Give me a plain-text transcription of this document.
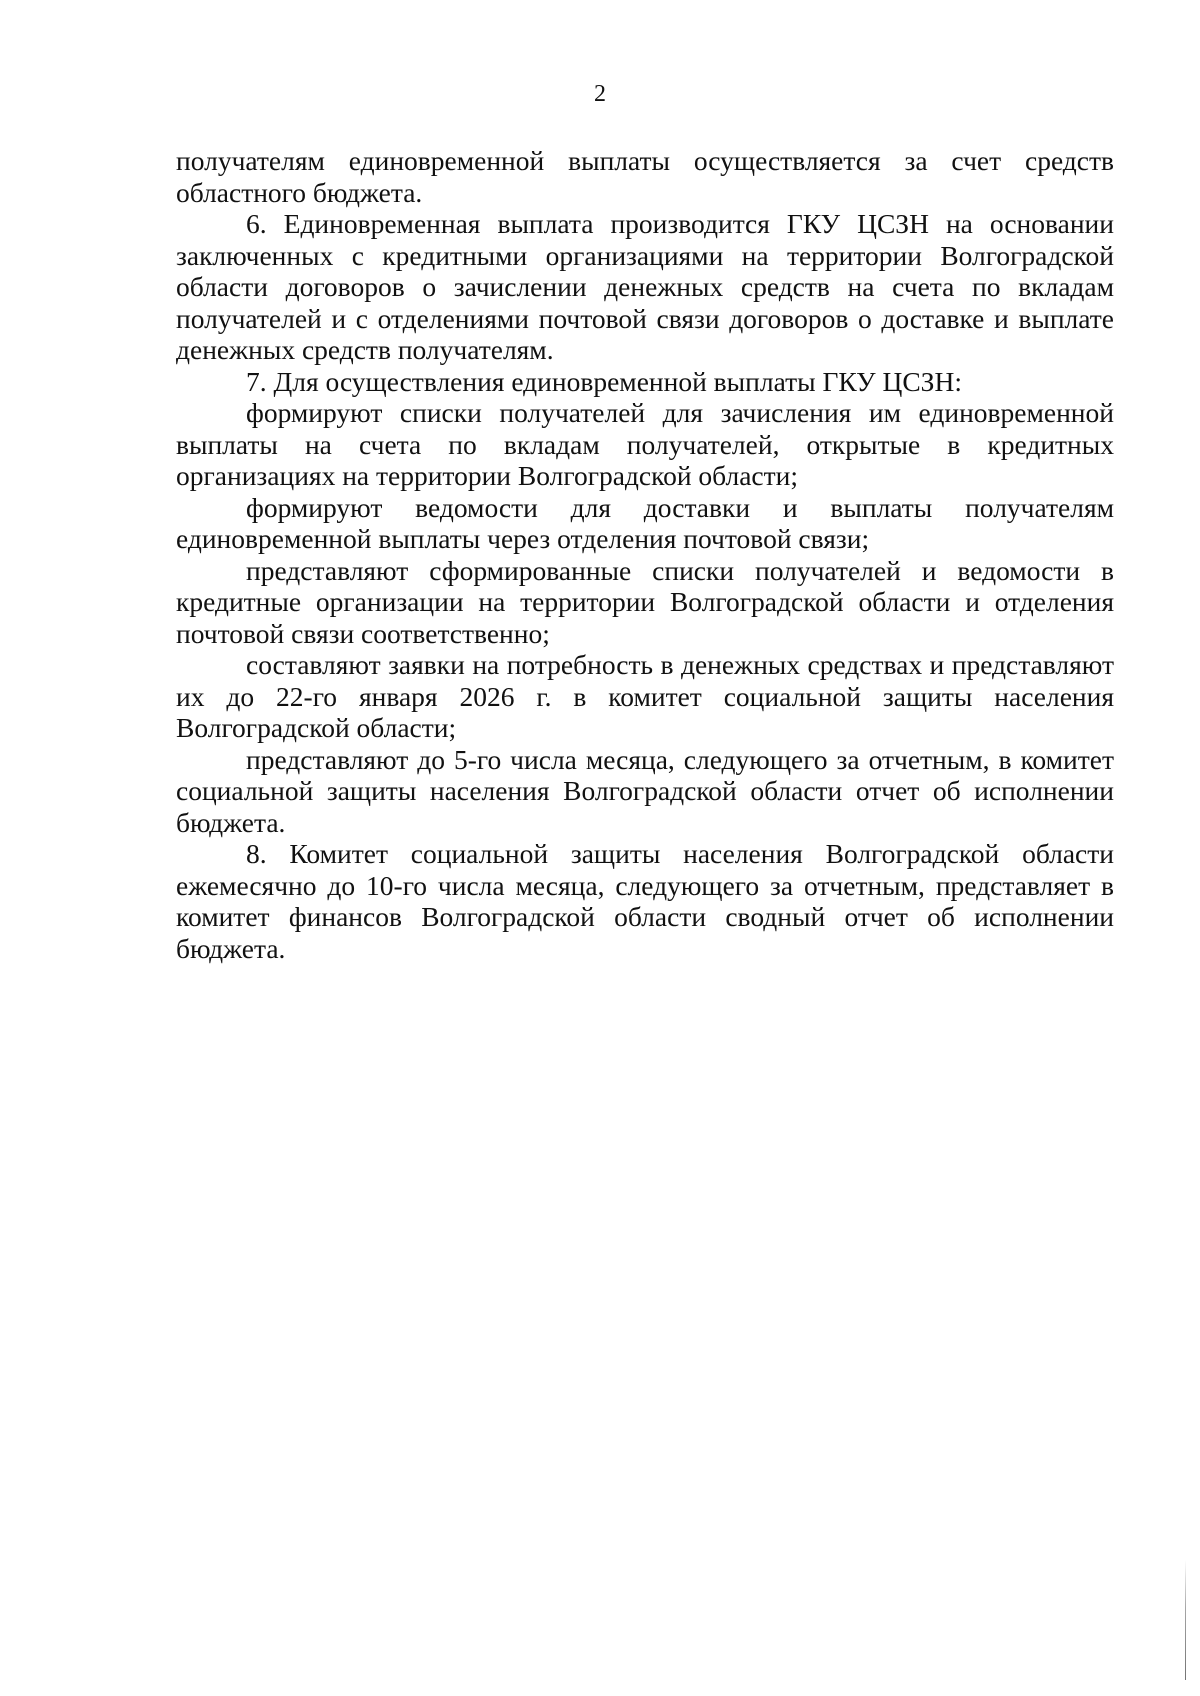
2

получателям единовременной выплаты осуществляется за счет средств областного бюджета.

6. Единовременная выплата производится ГКУ ЦСЗН на основании заключенных с кредитными организациями на территории Волгоградской области договоров о зачислении денежных средств на счета по вкладам получателей и с отделениями почтовой связи договоров о доставке и выплате денежных средств получателям.

7. Для осуществления единовременной выплаты ГКУ ЦСЗН:

формируют списки получателей для зачисления им единовременной выплаты на счета по вкладам получателей, открытые в кредитных организациях на территории Волгоградской области;

формируют ведомости для доставки и выплаты получателям единовременной выплаты через отделения почтовой связи;

представляют сформированные списки получателей и ведомости в кредитные организации на территории Волгоградской области и отделения почтовой связи соответственно;

составляют заявки на потребность в денежных средствах и представляют их до 22-го января 2026 г. в комитет социальной защиты населения Волгоградской области;

представляют до 5-го числа месяца, следующего за отчетным, в комитет социальной защиты населения Волгоградской области отчет об исполнении бюджета.

8. Комитет социальной защиты населения Волгоградской области ежемесячно до 10-го числа месяца, следующего за отчетным, представляет в комитет финансов Волгоградской области сводный отчет об исполнении бюджета.
